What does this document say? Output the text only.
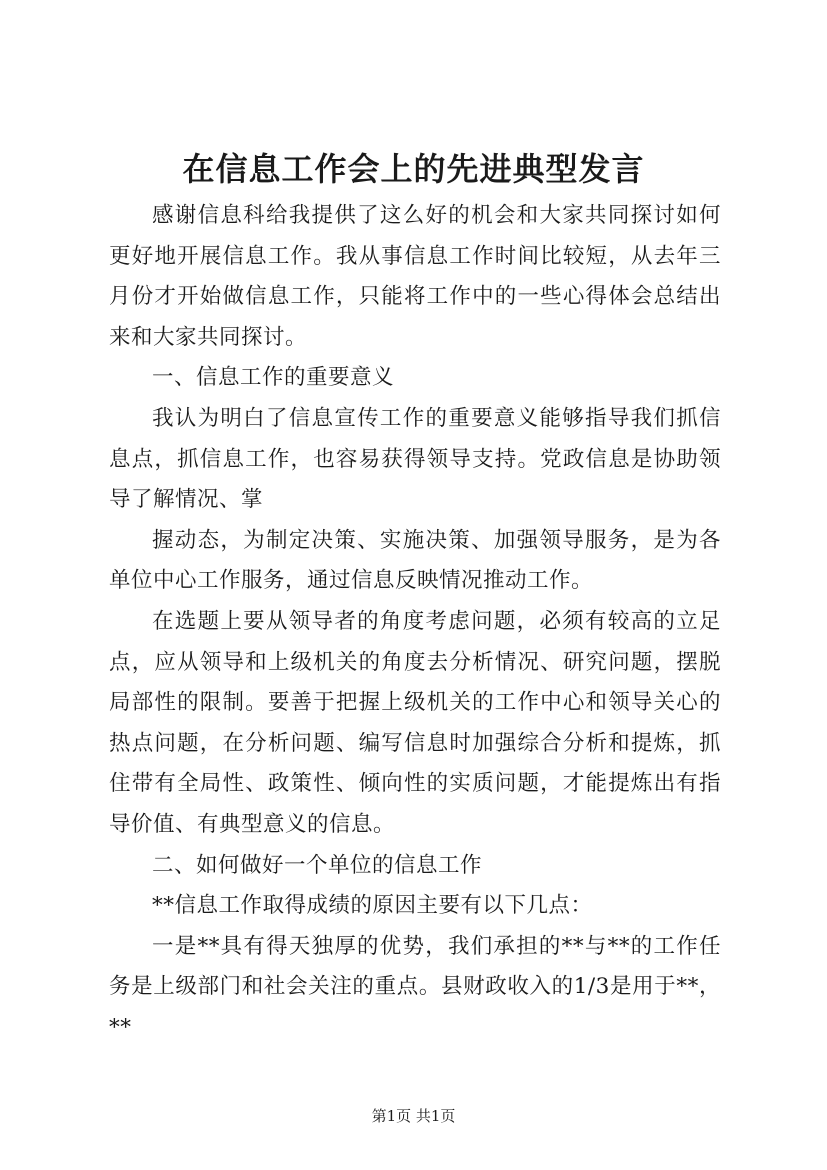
在信息工作会上的先进典型发言

感谢信息科给我提供了这么好的机会和大家共同探讨如何更好地开展信息工作。我从事信息工作时间比较短，从去年三月份才开始做信息工作，只能将工作中的一些心得体会总结出来和大家共同探讨。

一、信息工作的重要意义

我认为明白了信息宣传工作的重要意义能够指导我们抓信息点，抓信息工作，也容易获得领导支持。党政信息是协助领导了解情况、掌

握动态，为制定决策、实施决策、加强领导服务，是为各单位中心工作服务，通过信息反映情况推动工作。

在选题上要从领导者的角度考虑问题，必须有较高的立足点，应从领导和上级机关的角度去分析情况、研究问题，摆脱局部性的限制。要善于把握上级机关的工作中心和领导关心的热点问题，在分析问题、编写信息时加强综合分析和提炼，抓住带有全局性、政策性、倾向性的实质问题，才能提炼出有指导价值、有典型意义的信息。

二、如何做好一个单位的信息工作

**信息工作取得成绩的原因主要有以下几点：

一是**具有得天独厚的优势，我们承担的**与**的工作任务是上级部门和社会关注的重点。县财政收入的1/3是用于**，**

第1页 共1页
